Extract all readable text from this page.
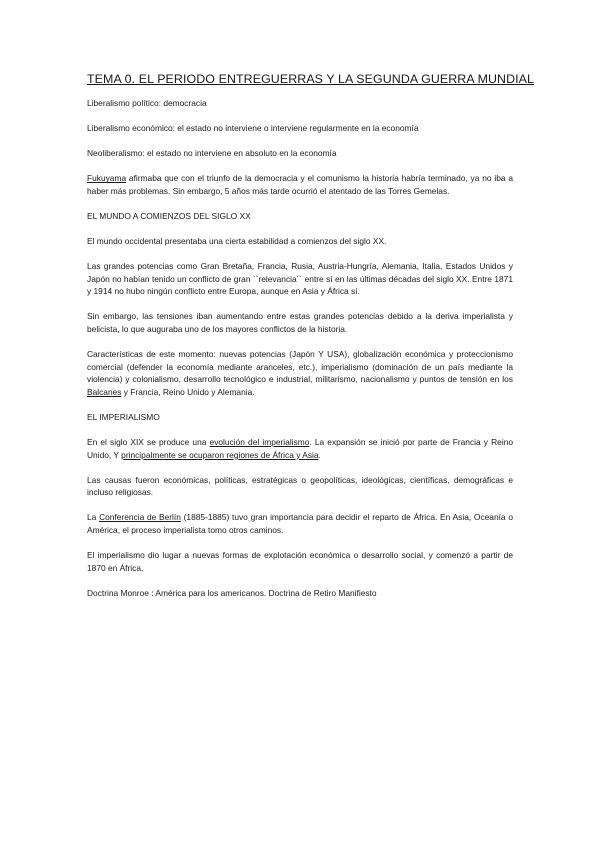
TEMA 0. EL PERIODO ENTREGUERRAS Y LA SEGUNDA GUERRA MUNDIAL

Liberalismo político: democracia

Liberalismo económico: el estado no interviene o interviene regularmente en la economía

Neoliberalismo: el estado no interviene en absoluto en la economía

Fukuyama afirmaba que con el triunfo de la democracia y el comunismo la historia habría terminado, ya no iba a haber más problemas. Sin embargo, 5 años más tarde ocurrió el atentado de las Torres Gemelas.

EL MUNDO A COMIENZOS DEL SIGLO XX

El mundo occidental presentaba una cierta estabilidad a comienzos del siglo XX.

Las grandes potencias como Gran Bretaña, Francia, Rusia, Austria-Hungría, Alemania, Italia, Estados Unidos y Japón no habían tenido un conflicto de gran ``relevancia´´ entre sí en las últimas décadas del siglo XX. Entre 1871 y 1914 no hubo ningún conflicto entre Europa, aunque en Asia y África sí.

Sin embargo, las tensiones iban aumentando entre estas grandes potencias debido a la deriva imperialista y belicista, lo que auguraba uno de los mayores conflictos de la historia.

Características de este momento: nuevas potencias (Japón Y USA), globalización económica y proteccionismo comercial (defender la economía mediante aranceles, etc.), imperialismo (dominación de un país mediante la violencia) y colonialismo, desarrollo tecnológico e industrial, militarismo, nacionalismo y puntos de tensión en los Balcanes y Francia, Reino Unido y Alemania.

EL IMPERIALISMO

En el siglo XIX se produce una evolución del imperialismo. La expansión se inició por parte de Francia y Reino Unido, Y principalmente se ocuparon regiones de África y Asia.

Las causas fueron económicas, políticas, estratégicas o geopolíticas, ideológicas, científicas, demográficas e incluso religiosas.

La Conferencia de Berlín (1885-1885) tuvo gran importancia para decidir el reparto de África. En Asia, Oceanía o América, el proceso imperialista tomo otros caminos.

El imperialismo dio lugar a nuevas formas de explotación económica o desarrollo social, y comenzó a partir de 1870 en África.

Doctrina Monroe : América para los americanos. Doctrina de Retiro Manifiesto
